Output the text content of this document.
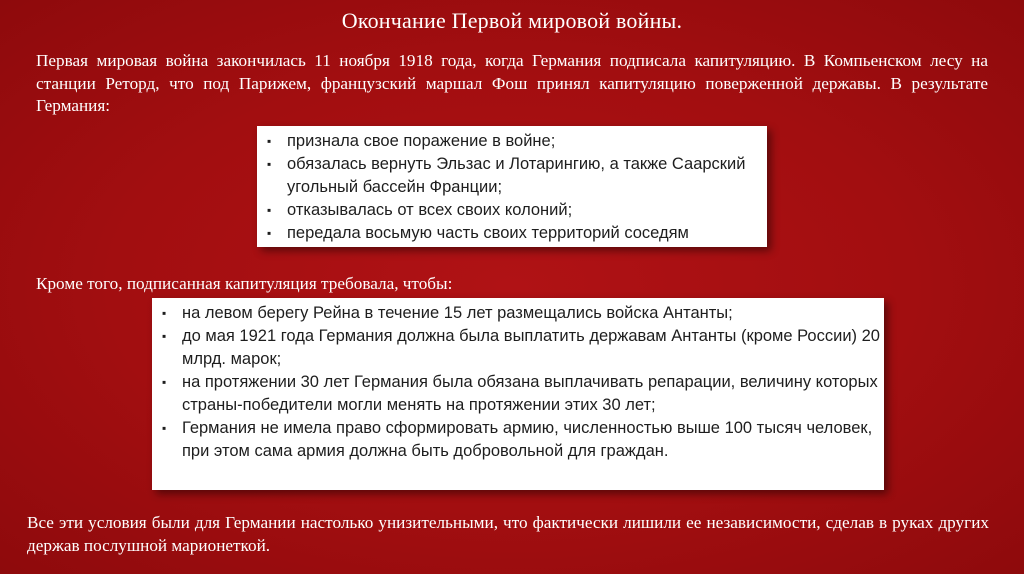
Окончание Первой мировой войны.

Первая мировая война закончилась 11 ноября 1918 года, когда Германия подписала капитуляцию. В Компьенском лесу на станции Реторд, что под Парижем, французский маршал Фош принял капитуляцию поверженной державы. В результате Германия:

▪ признала свое поражение в войне;
▪ обязалась вернуть Эльзас и Лотарингию, а также Саарский угольный бассейн Франции;
▪ отказывалась от всех своих колоний;
▪ передала восьмую часть своих территорий соседям

Кроме того, подписанная капитуляция требовала, чтобы:

▪ на левом берегу Рейна в течение 15 лет размещались войска Антанты;
▪ до мая 1921 года Германия должна была выплатить державам Антанты (кроме России) 20 млрд. марок;
▪ на протяжении 30 лет Германия была обязана выплачивать репарации, величину которых страны-победители могли менять на протяжении этих 30 лет;
▪ Германия не имела право сформировать армию, численностью выше 100 тысяч человек, при этом сама армия должна быть добровольной для граждан.

Все эти условия были для Германии настолько унизительными, что фактически лишили ее независимости, сделав в руках других держав послушной марионеткой.
